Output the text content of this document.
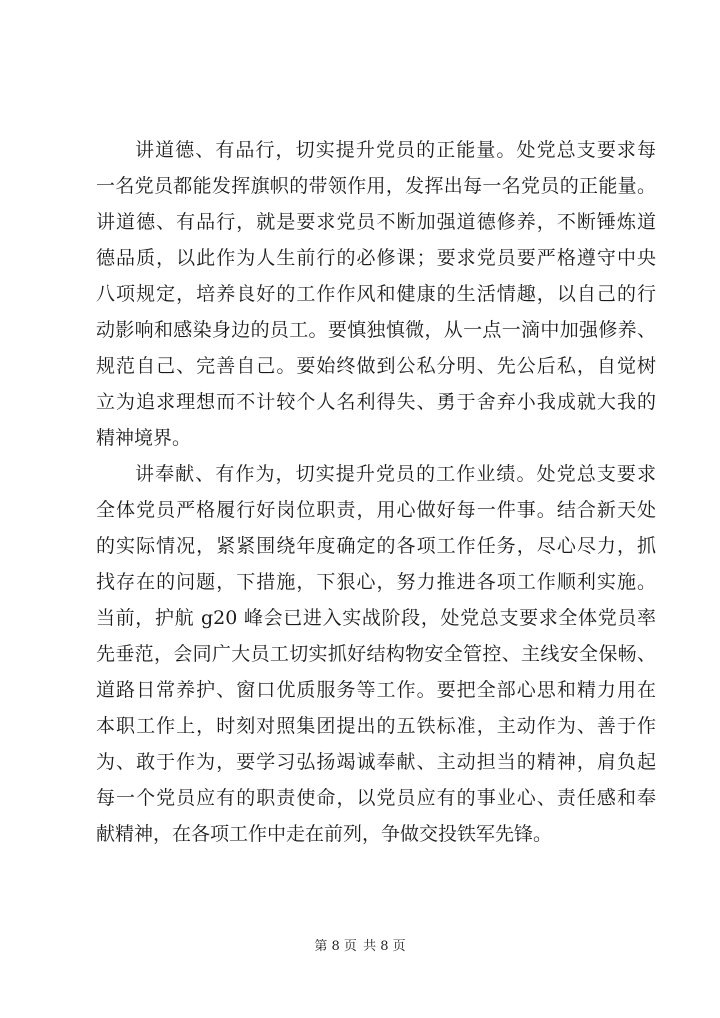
讲道德、有品行，切实提升党员的正能量。处党总支要求每
一名党员都能发挥旗帜的带领作用，发挥出每一名党员的正能量。
讲道德、有品行，就是要求党员不断加强道德修养，不断锤炼道
德品质，以此作为人生前行的必修课；要求党员要严格遵守中央
八项规定，培养良好的工作作风和健康的生活情趣，以自己的行
动影响和感染身边的员工。要慎独慎微，从一点一滴中加强修养、
规范自己、完善自己。要始终做到公私分明、先公后私，自觉树
立为追求理想而不计较个人名利得失、勇于舍弃小我成就大我的
精神境界。
讲奉献、有作为，切实提升党员的工作业绩。处党总支要求
全体党员严格履行好岗位职责，用心做好每一件事。结合新天处
的实际情况，紧紧围绕年度确定的各项工作任务，尽心尽力，抓
找存在的问题，下措施，下狠心，努力推进各项工作顺利实施。
当前，护航 g20 峰会已进入实战阶段，处党总支要求全体党员率
先垂范，会同广大员工切实抓好结构物安全管控、主线安全保畅、
道路日常养护、窗口优质服务等工作。要把全部心思和精力用在
本职工作上，时刻对照集团提出的五铁标准，主动作为、善于作
为、敢于作为，要学习弘扬竭诚奉献、主动担当的精神，肩负起
每一个党员应有的职责使命，以党员应有的事业心、责任感和奉
献精神，在各项工作中走在前列，争做交投铁军先锋。
第 8 页 共 8 页
